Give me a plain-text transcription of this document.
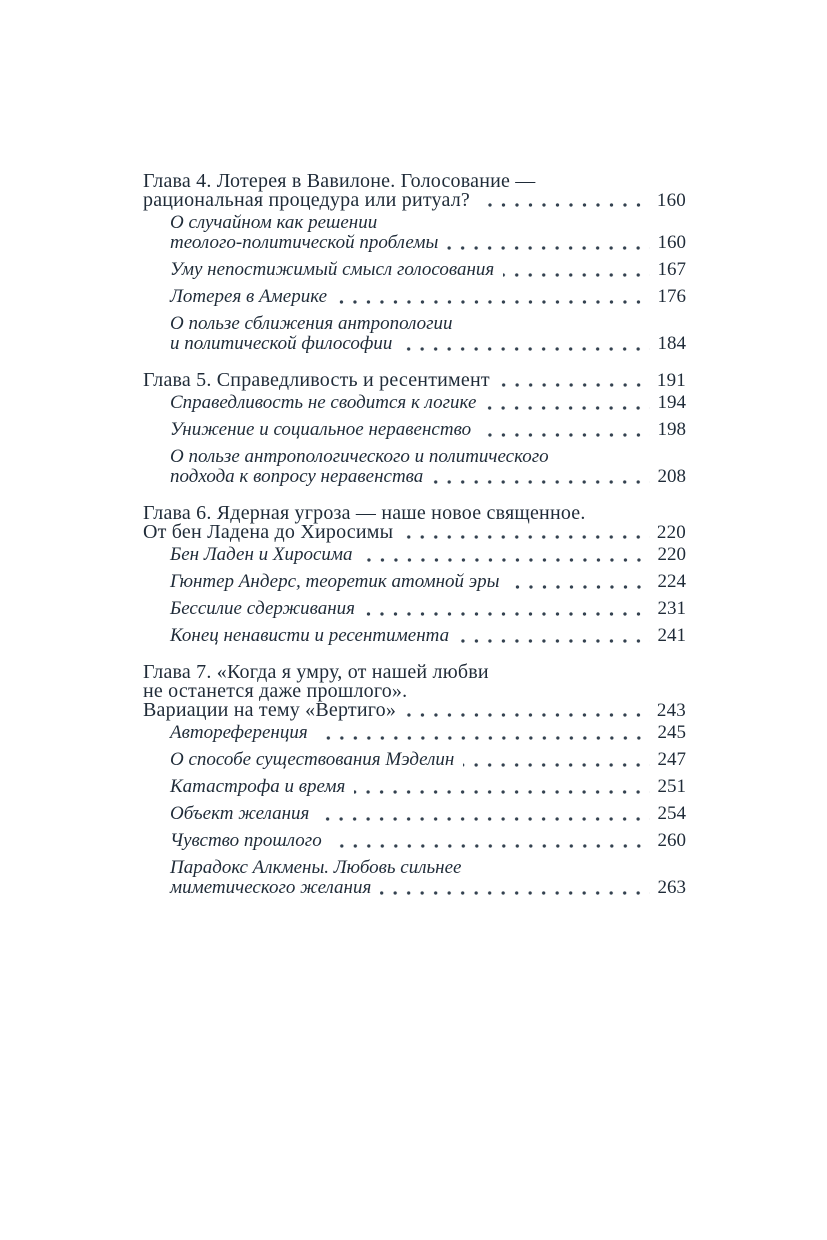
Глава 4. Лотерея в Вавилоне. Голосование —
рациональная процедура или ритуал?	160
О случайном как решении
теолого-политической проблемы	160
Уму непостижимый смысл голосования	167
Лотерея в Америке	176
О пользе сближения антропологии
и политической философии	184
Глава 5. Справедливость и ресентимент	191
Справедливость не сводится к логике	194
Унижение и социальное неравенство	198
О пользе антропологического и политического
подхода к вопросу неравенства	208
Глава 6. Ядерная угроза — наше новое священное.
От бен Ладена до Хиросимы	220
Бен Ладен и Хиросима	220
Гюнтер Андерс, теоретик атомной эры	224
Бессилие сдерживания	231
Конец ненависти и ресентимента	241
Глава 7. «Когда я умру, от нашей любви
не останется даже прошлого».
Вариации на тему «Вертиго»	243
Автореференция	245
О способе существования Мэделин	247
Катастрофа и время	251
Объект желания	254
Чувство прошлого	260
Парадокс Алкмены. Любовь сильнее
миметического желания	263
